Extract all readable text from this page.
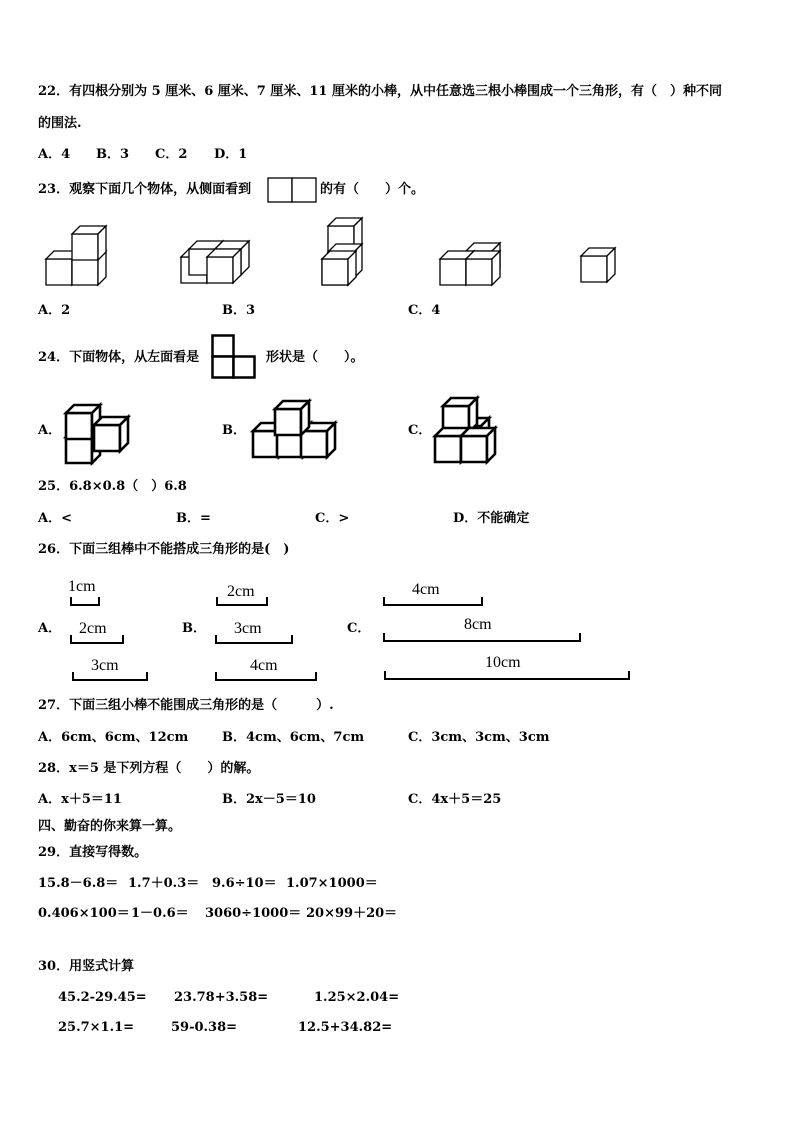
22．有四根分别为 5 厘米、6 厘米、7 厘米、11 厘米的小棒，从中任意选三根小棒围成一个三角形，有（　）种不同
的围法.
A．4 B．3 C．2 D．1
23．观察下面几个物体，从侧面看到	的有（　　）个。
A．2	B．3	C．4
24．下面物体，从左面看是	形状是（　　）。
A．	B．	C．
25．6.8×0.8（　）6.8
A．<	B．=	C．>	D．不能确定
26．下面三组棒中不能搭成三角形的是(　)
A．
1cm
2cm
3cm
B．
2cm
3cm
4cm
C．
4cm
8cm
10cm
27．下面三组小棒不能围成三角形的是（　　　）.
A．6cm、6cm、12cm	B．4cm、6cm、7cm	C．3cm、3cm、3cm
28．x＝5 是下列方程（　　）的解。
A．x＋5＝11	B．2x－5＝10	C．4x＋5＝25
四、勤奋的你来算一算。
29．直接写得数。
15.8－6.8＝ 1.7＋0.3＝ 9.6÷10＝ 1.07×1000＝
0.406×100＝ 1－0.6＝ 3060÷1000＝ 20×99＋20＝
30．用竖式计算
45.2-29.45= 23.78+3.58=	1.25×2.04=
25.7×1.1=	59-0.38=	12.5+34.82=
